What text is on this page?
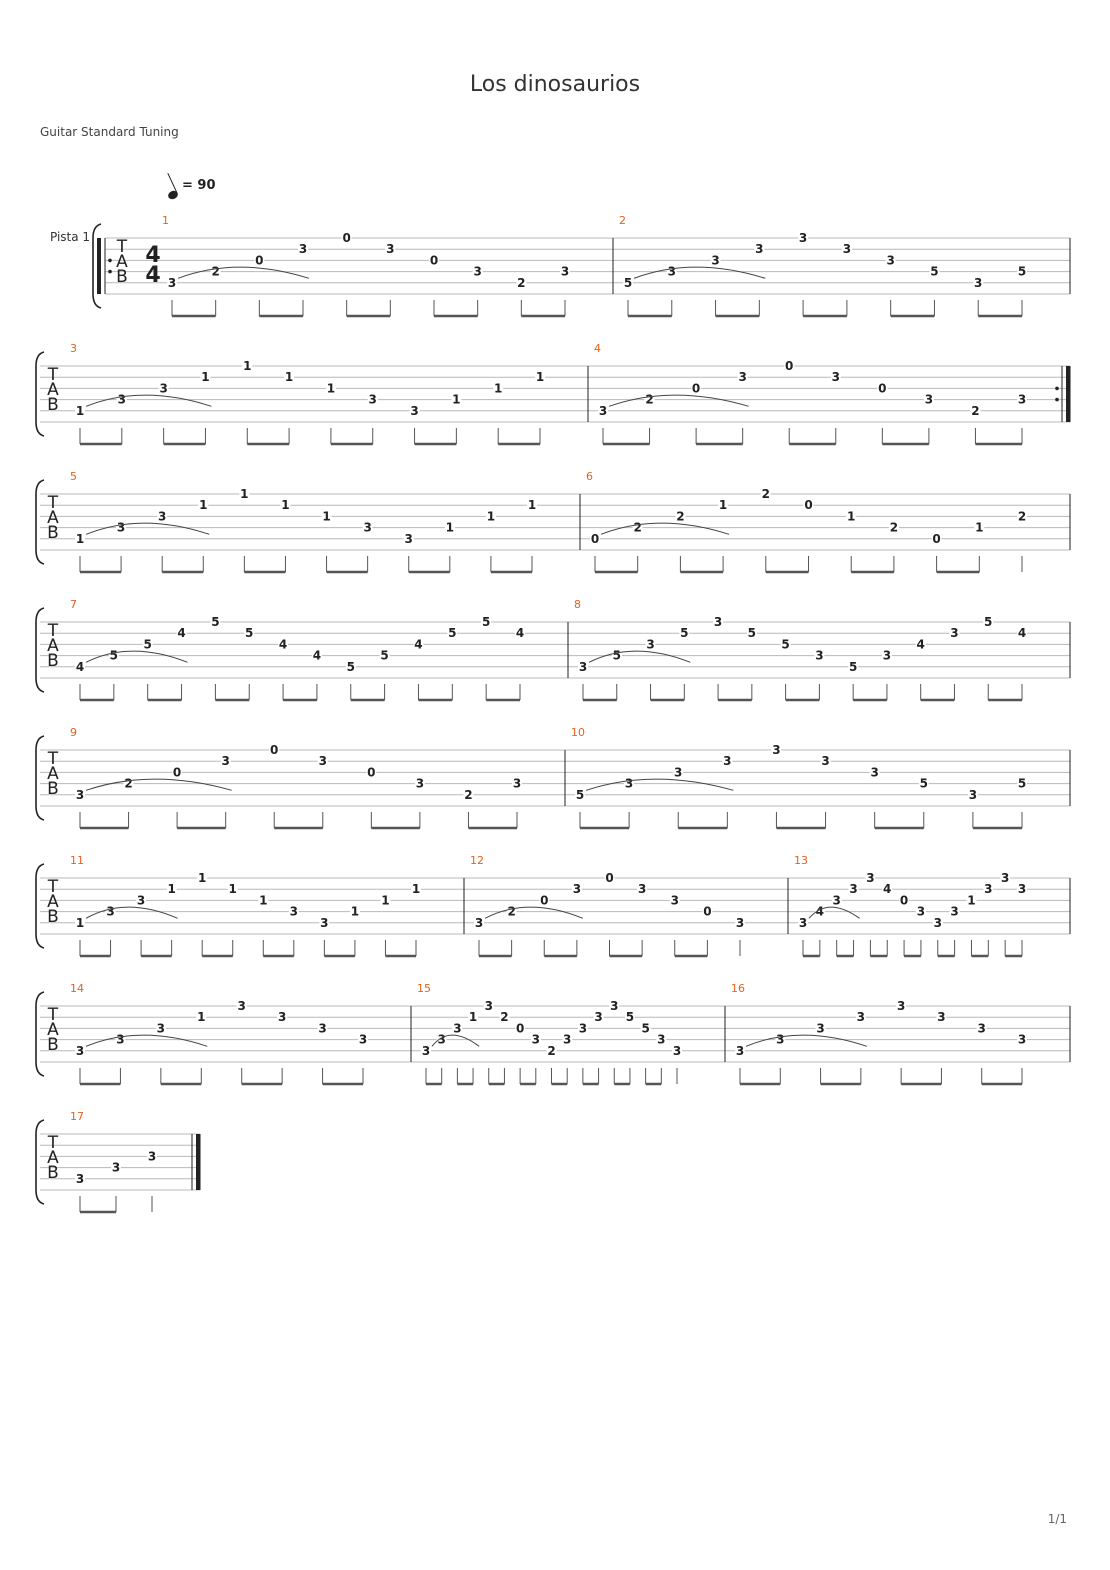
Los dinosaurios
Guitar Standard Tuning
= 90
Pista 1 T
A
B
4
4
1
3
2
0
3
0
3
0
3
2
3
2
5
3
3
3
3
3
3
5
3
5
T
A
B
3
1
3
3
1
1
1
1
3
3
1
1
1
4
3
2
0
3
0
3
0
3
2
3
T
A
B
5
1
3
3
1
1
1
1
3
3
1
1
1
6
0
2
2
1
2
0
1
2
0
1
2
T
A
B
7
4
5
5
4
5
5
4
4
5
5
4
5
5
4
8
3
5
3
5
3
5
5
3
5
3
4
3
5
4
T
A
B
9
3
2
0
3
0
3
0
3
2
3
10
5
3
3
3
3
3
3
5
3
5
T
A
B
11
1
3
3
1
1
1
1
3
3
1
1
1
12
3
2
0
3
0
3
3
0
3
13
3
4
3
3
3
4
0
3
3
3
1
3
3
3
T
A
B
14
3
3
3
1
3
3
3
3
15
3
3
3
1
3
2
0
3
2
3
3
3
3
5
5
3
3
16
3
3
3
3
3
3
3
3
T
A
B
17
3
3
3
1/1
